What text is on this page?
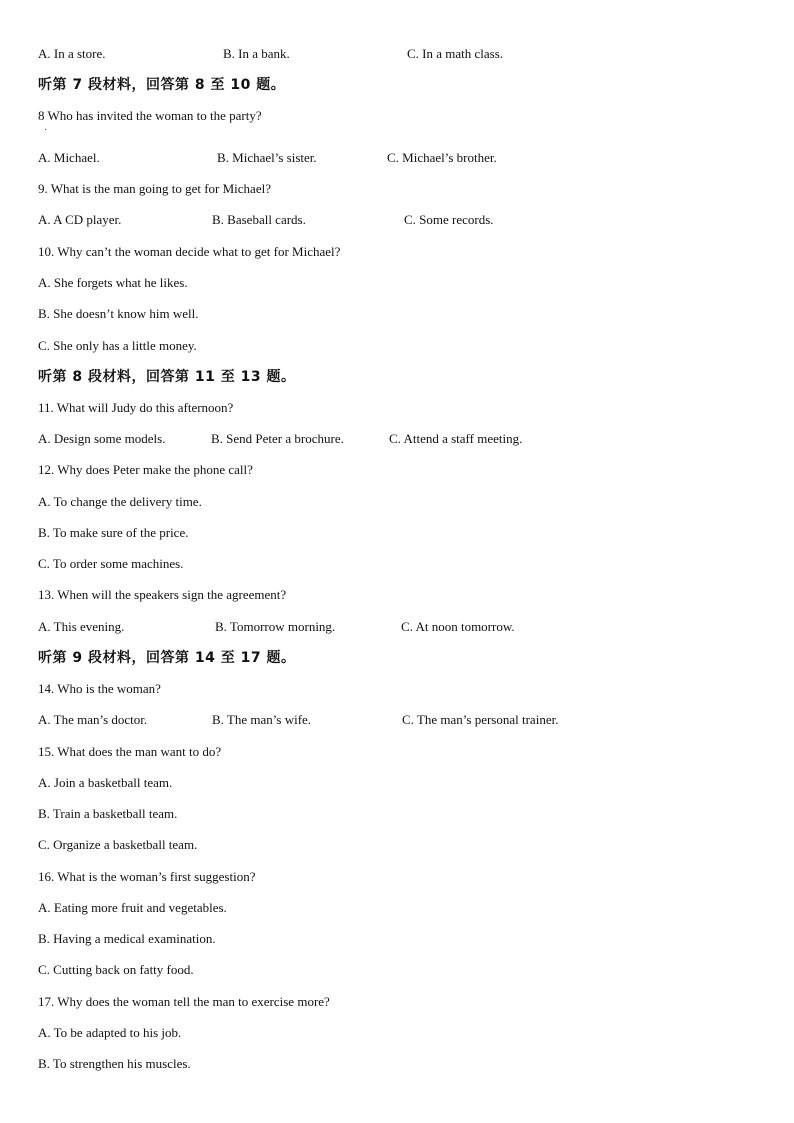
A. In a store.	B. In a bank.	C. In a math class.
听第 7 段材料，回答第 8 至 10 题。
8 Who has invited the woman to the party?
·
A. Michael.	B. Michael’s sister.	C. Michael’s brother.
9. What is the man going to get for Michael?
A. A CD player.	B. Baseball cards.	C. Some records.
10. Why can’t the woman decide what to get for Michael?
A. She forgets what he likes.
B. She doesn’t know him well.
C. She only has a little money.
听第 8 段材料，回答第 11 至 13 题。
11. What will Judy do this afternoon?
A. Design some models.	B. Send Peter a brochure.	C. Attend a staff meeting.
12. Why does Peter make the phone call?
A. To change the delivery time.
B. To make sure of the price.
C. To order some machines.
13. When will the speakers sign the agreement?
A. This evening.	B. Tomorrow morning.	C. At noon tomorrow.
听第 9 段材料，回答第 14 至 17 题。
14. Who is the woman?
A. The man’s doctor.	B. The man’s wife.	C. The man’s personal trainer.
15. What does the man want to do?
A. Join a basketball team.
B. Train a basketball team.
C. Organize a basketball team.
16. What is the woman’s first suggestion?
A. Eating more fruit and vegetables.
B. Having a medical examination.
C. Cutting back on fatty food.
17. Why does the woman tell the man to exercise more?
A. To be adapted to his job.
B. To strengthen his muscles.
